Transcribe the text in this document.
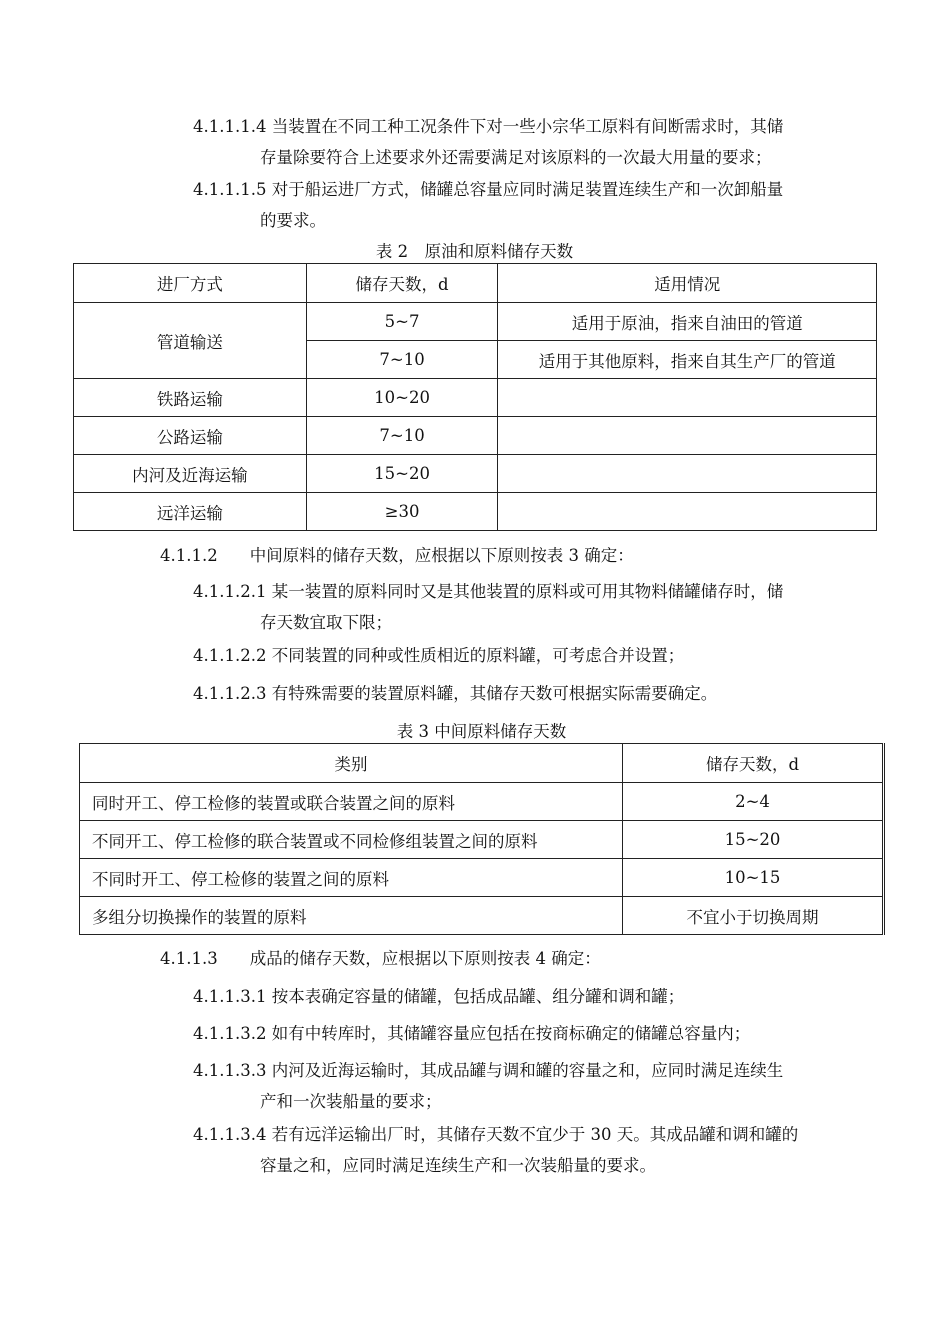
4.1.1.1.4 当装置在不同工种工况条件下对一些小宗华工原料有间断需求时，其储
存量除要符合上述要求外还需要满足对该原料的一次最大用量的要求；
4.1.1.1.5 对于船运进厂方式，储罐总容量应同时满足装置连续生产和一次卸船量
的要求。
表 2　原油和原料储存天数
进厂方式	储存天数，d	适用情况
管道输送	5~7	适用于原油，指来自油田的管道
	7~10	适用于其他原料，指来自其生产厂的管道
铁路运输	10~20	
公路运输	7~10	
内河及近海运输	15~20	
远洋运输	≥30	
4.1.1.2 中间原料的储存天数，应根据以下原则按表 3 确定：
4.1.1.2.1 某一装置的原料同时又是其他装置的原料或可用其物料储罐储存时，储
存天数宜取下限；
4.1.1.2.2 不同装置的同种或性质相近的原料罐，可考虑合并设置；
4.1.1.2.3 有特殊需要的装置原料罐，其储存天数可根据实际需要确定。
表 3 中间原料储存天数
类别	储存天数，d
同时开工、停工检修的装置或联合装置之间的原料	2~4
不同开工、停工检修的联合装置或不同检修组装置之间的原料	15~20
不同时开工、停工检修的装置之间的原料	10~15
多组分切换操作的装置的原料	不宜小于切换周期
4.1.1.3 成品的储存天数，应根据以下原则按表 4 确定：
4.1.1.3.1 按本表确定容量的储罐，包括成品罐、组分罐和调和罐；
4.1.1.3.2 如有中转库时，其储罐容量应包括在按商标确定的储罐总容量内；
4.1.1.3.3 内河及近海运输时，其成品罐与调和罐的容量之和，应同时满足连续生
产和一次装船量的要求；
4.1.1.3.4 若有远洋运输出厂时，其储存天数不宜少于 30 天。其成品罐和调和罐的
容量之和，应同时满足连续生产和一次装船量的要求。
